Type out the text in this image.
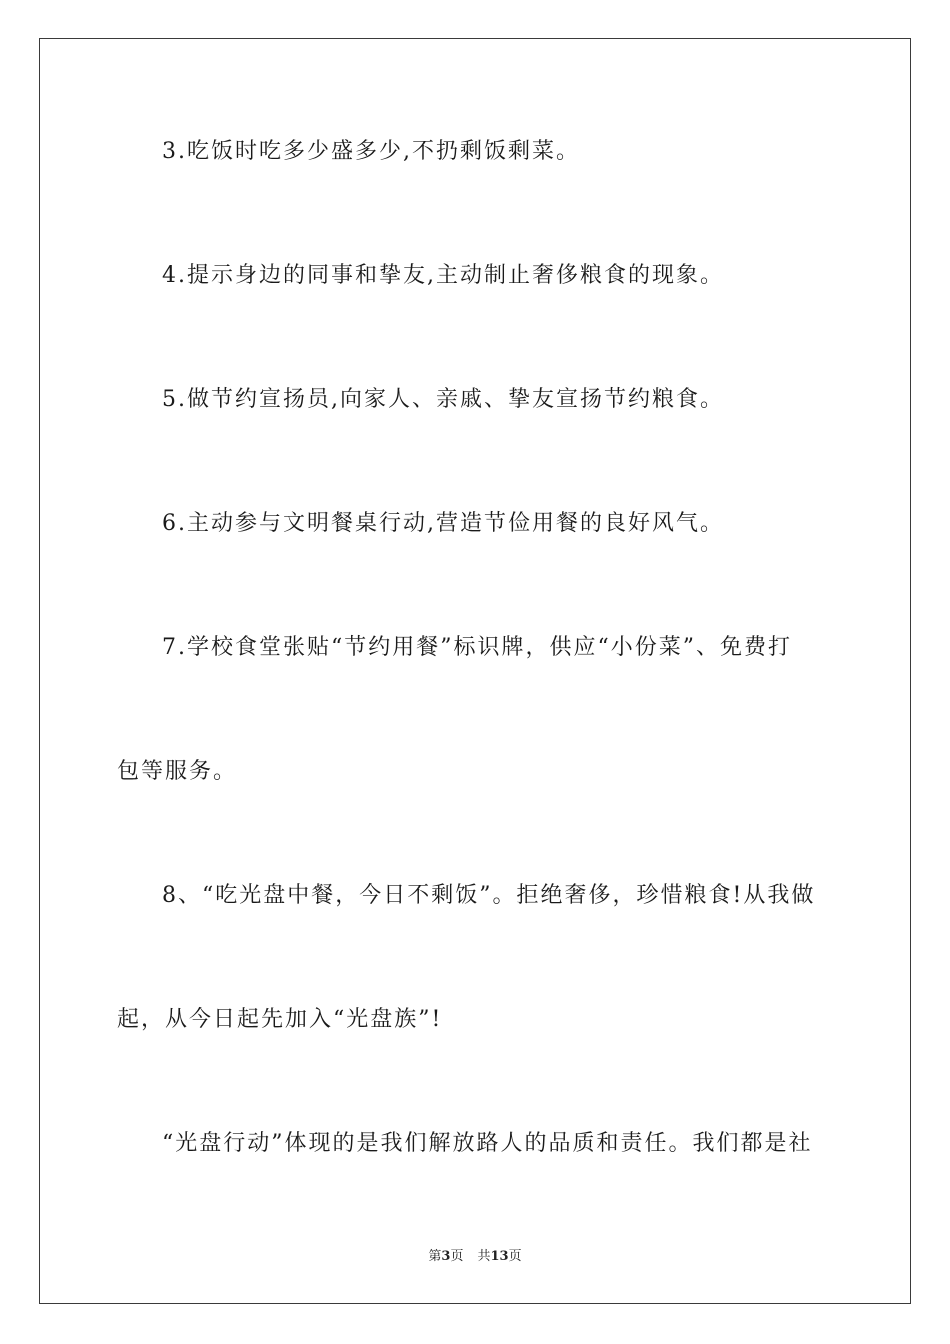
3.吃饭时吃多少盛多少,不扔剩饭剩菜。

4.提示身边的同事和挚友,主动制止奢侈粮食的现象。

5.做节约宣扬员,向家人、亲戚、挚友宣扬节约粮食。

6.主动参与文明餐桌行动,营造节俭用餐的良好风气。

7.学校食堂张贴“节约用餐”标识牌，供应“小份菜”、免费打

包等服务。

8、“吃光盘中餐，今日不剩饭”。拒绝奢侈，珍惜粮食!从我做

起，从今日起先加入“光盘族”!

“光盘行动”体现的是我们解放路人的品质和责任。我们都是社

第3页 共13页
